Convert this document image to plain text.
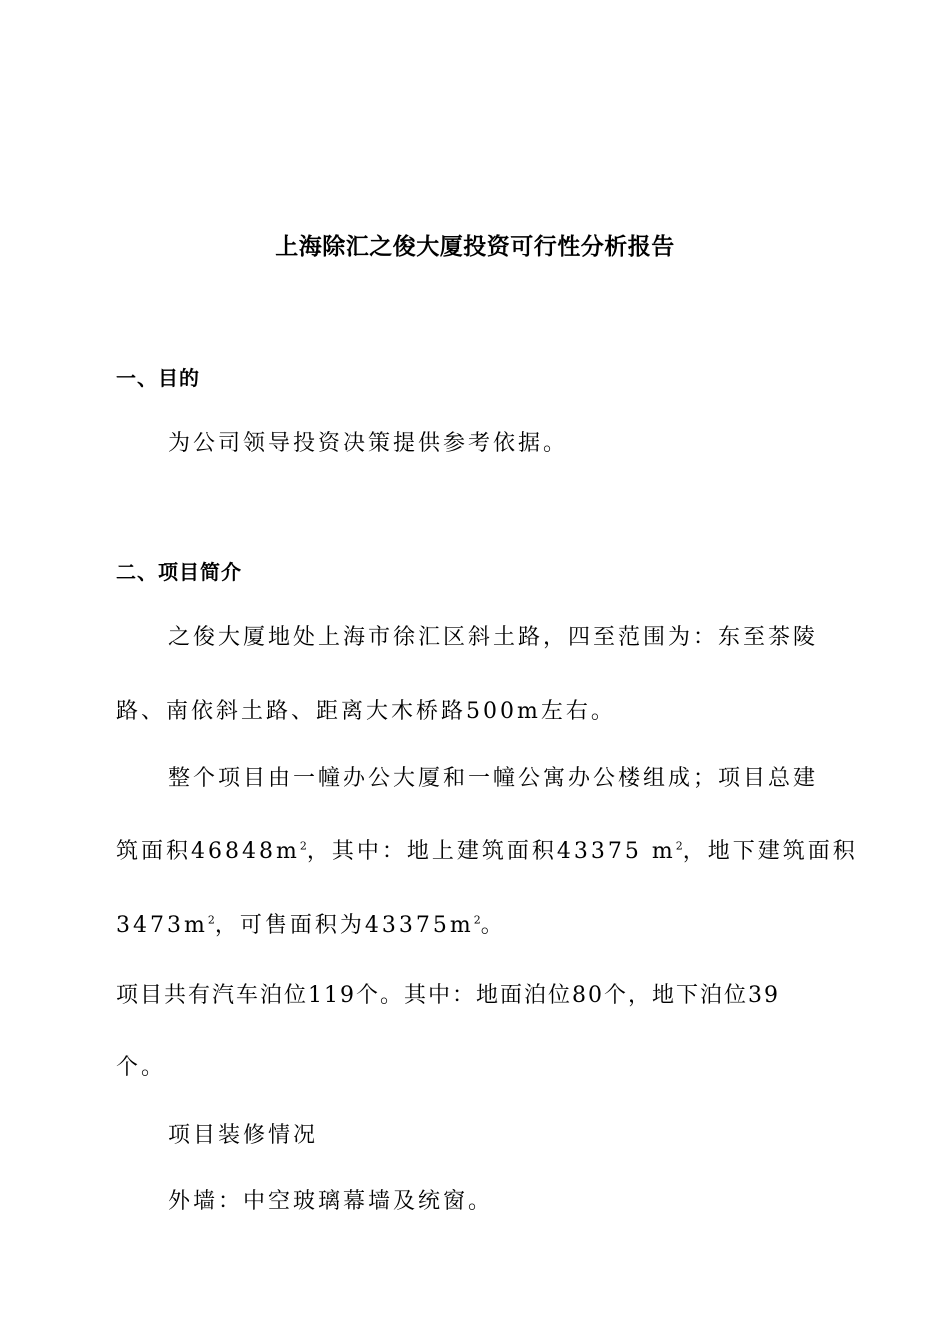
上海除汇之俊大厦投资可行性分析报告
一、目的
为公司领导投资决策提供参考依据。
二、项目简介
之俊大厦地处上海市徐汇区斜土路，四至范围为：东至茶陵
路、南依斜土路、距离大木桥路500m左右。
整个项目由一幢办公大厦和一幢公寓办公楼组成；项目总建
筑面积$46848m^2$，其中：地上建筑面积43375 $m^2$，地下建筑面积
$3473m^2$，可售面积为$43375m^2$。
项目共有汽车泊位119个。其中：地面泊位80个，地下泊位39
个。
项目装修情况
外墙：中空玻璃幕墙及统窗。
